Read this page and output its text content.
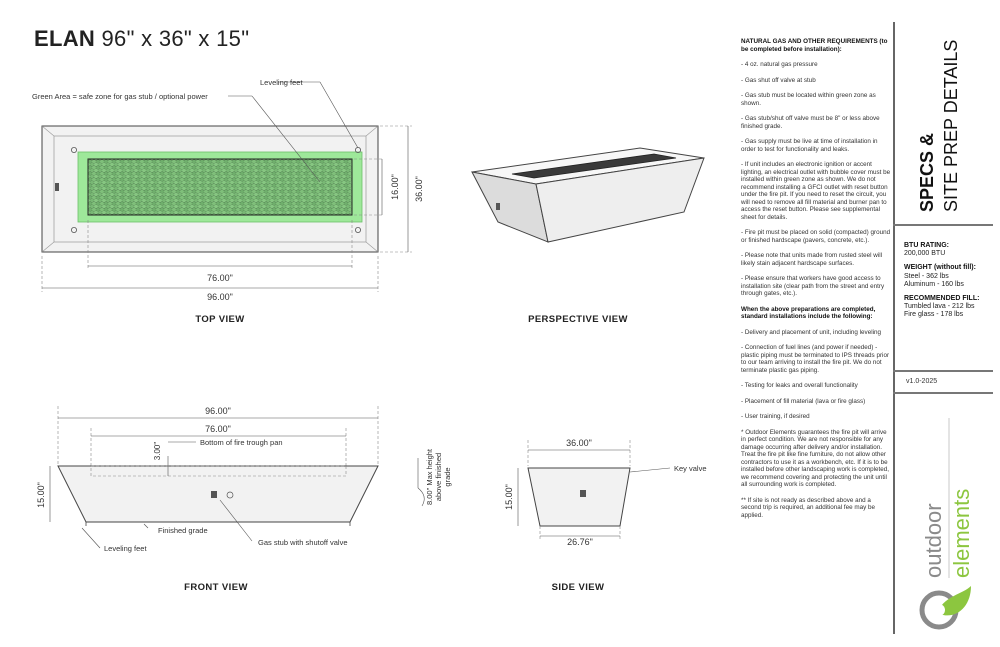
ELAN 96" x 36" x 15"
76.00"
96.00"
16.00" 36.00"
Leveling feet
Green Area = safe zone for gas stub / optional power
TOP VIEW	PERSPECTIVE VIEW
96.00"
76.00"
3.00"
15.00"
Bottom of fire trough pan
Finished grade
Leveling feet
Gas stub with shutoff valve
8.00" Max height above finished grade
FRONT VIEW
36.00"
26.76"
15.00"
Key valve
SIDE VIEW

NATURAL GAS AND OTHER REQUIREMENTS (to be completed before installation):

- 4 oz. natural gas pressure

- Gas shut off valve at stub

- Gas stub must be located within green zone as shown.

- Gas stub/shut off valve must be 8" or less above finished grade.

- Gas supply must be live at time of installation in order to test for functionality and leaks.

- If unit includes an electronic ignition or accent lighting, an electrical outlet with bubble cover must be installed within green zone as shown. We do not recommend installing a GFCI outlet with reset button under the fire pit. If you need to reset the circuit, you will need to remove all fill material and burner pan to access the reset button. Please see supplemental sheet for details.

- Fire pit must be placed on solid (compacted) ground or finished hardscape (pavers, concrete, etc.).

- Please note that units made from rusted steel will likely stain adjacent hardscape surfaces.

- Please ensure that workers have good access to installation site (clear path from the street and entry through gates, etc.).

When the above preparations are completed, standard installations include the following:

- Delivery and placement of unit, including leveling

- Connection of fuel lines (and power if needed) - plastic piping must be terminated to IPS threads prior to our team arriving to install the fire pit. We do not terminate plastic gas piping.

- Testing for leaks and overall functionality

- Placement of fill material (lava or fire glass)

- User training, if desired

* Outdoor Elements guarantees the fire pit will arrive in perfect condition. We are not responsible for any damage occurring after delivery and/or installation. Treat the fire pit like fine furniture, do not allow other contractors to use it as a workbench, etc. If it is to be installed before other landscaping work is completed, we recommend covering and protecting the unit until all surrounding work is completed.

** If site is not ready as described above and a second trip is required, an additional fee may be applied.

SPECS & SITE PREP DETAILS
BTU RATING:
200,000 BTU
WEIGHT (without fill):
Steel - 362 lbs
Aluminum - 160 lbs
RECOMMENDED FILL:
Tumbled lava - 212 lbs
Fire glass - 178 lbs
v1.0-2025
outdoor elements
